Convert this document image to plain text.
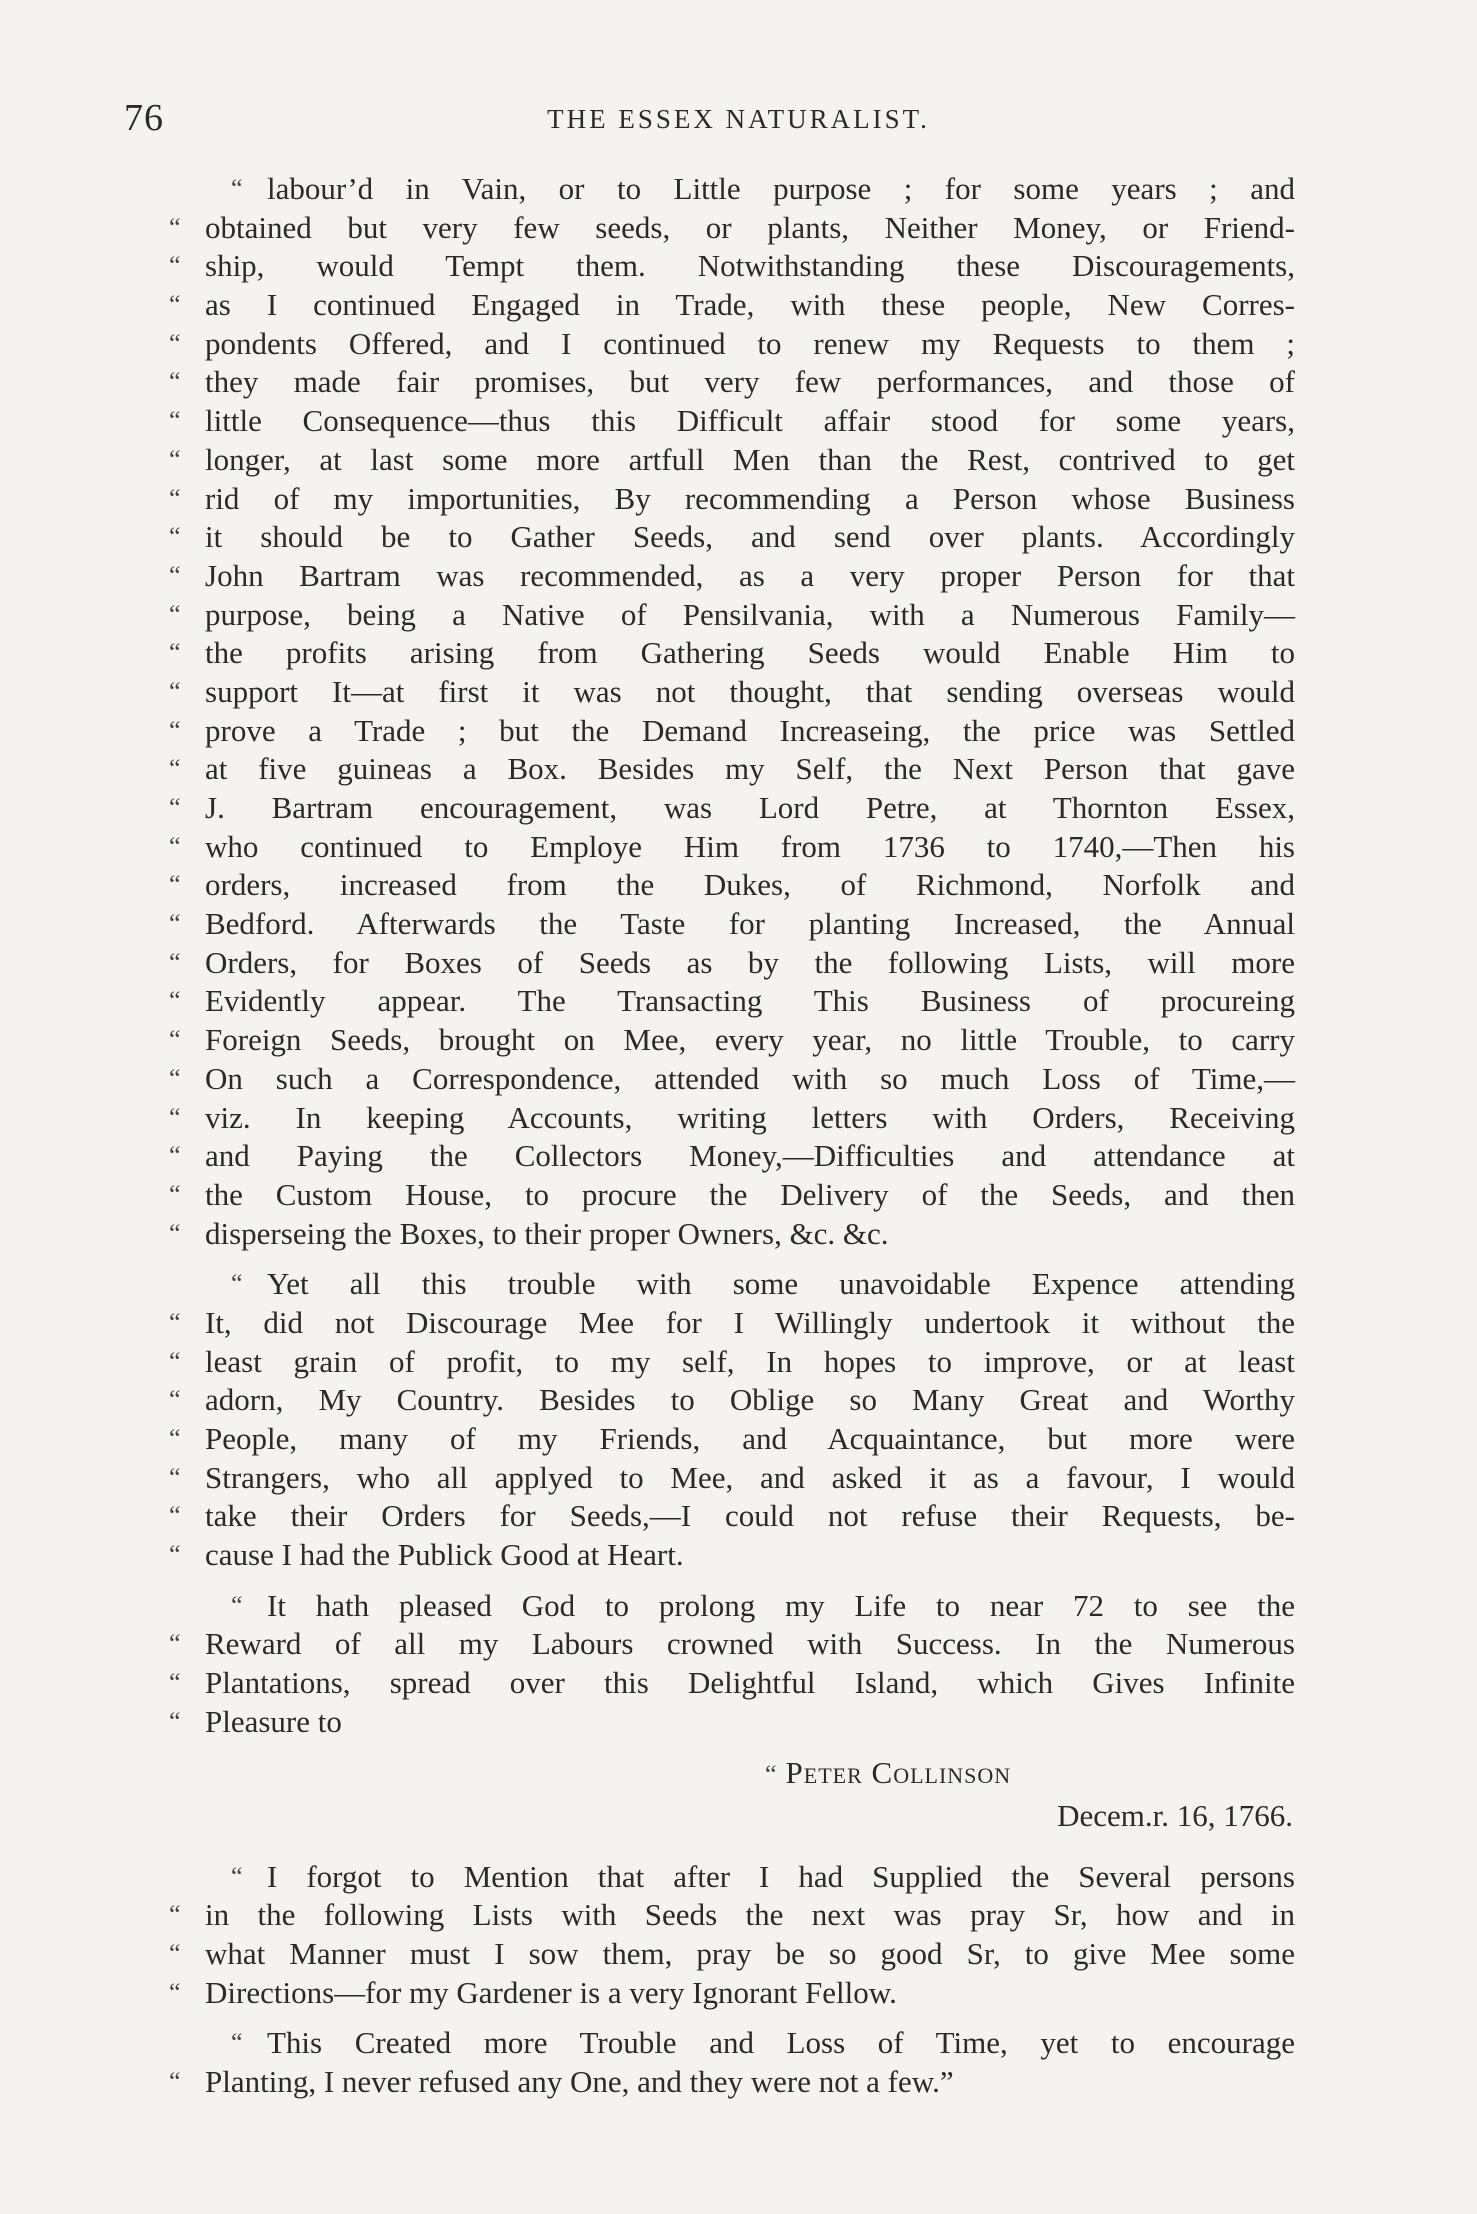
76	THE ESSEX NATURALIST.
“ labour’d in Vain, or to Little purpose ; for some years ; and
“ obtained but very few seeds, or plants, Neither Money, or Friend-
“ ship, would Tempt them. Notwithstanding these Discouragements,
“ as I continued Engaged in Trade, with these people, New Corres-
“ pondents Offered, and I continued to renew my Requests to them ;
“ they made fair promises, but very few performances, and those of
“ little Consequence—thus this Difficult affair stood for some years,
“ longer, at last some more artfull Men than the Rest, contrived to get
“ rid of my importunities, By recommending a Person whose Business
“ it should be to Gather Seeds, and send over plants. Accordingly
“ John Bartram was recommended, as a very proper Person for that
“ purpose, being a Native of Pensilvania, with a Numerous Family—
“ the profits arising from Gathering Seeds would Enable Him to
“ support It—at first it was not thought, that sending overseas would
“ prove a Trade ; but the Demand Increaseing, the price was Settled
“ at five guineas a Box. Besides my Self, the Next Person that gave
“ J. Bartram encouragement, was Lord Petre, at Thornton Essex,
“ who continued to Employe Him from 1736 to 1740,—Then his
“ orders, increased from the Dukes, of Richmond, Norfolk and
“ Bedford. Afterwards the Taste for planting Increased, the Annual
“ Orders, for Boxes of Seeds as by the following Lists, will more
“ Evidently appear. The Transacting This Business of procureing
“ Foreign Seeds, brought on Mee, every year, no little Trouble, to carry
“ On such a Correspondence, attended with so much Loss of Time,—
“ viz. In keeping Accounts, writing letters with Orders, Receiving
“ and Paying the Collectors Money,—Difficulties and attendance at
“ the Custom House, to procure the Delivery of the Seeds, and then
“ disperseing the Boxes, to their proper Owners, &c. &c.
“ Yet all this trouble with some unavoidable Expence attending
“ It, did not Discourage Mee for I Willingly undertook it without the
“ least grain of profit, to my self, In hopes to improve, or at least
“ adorn, My Country. Besides to Oblige so Many Great and Worthy
“ People, many of my Friends, and Acquaintance, but more were
“ Strangers, who all applyed to Mee, and asked it as a favour, I would
“ take their Orders for Seeds,—I could not refuse their Requests, be-
“ cause I had the Publick Good at Heart.
“ It hath pleased God to prolong my Life to near 72 to see the
“ Reward of all my Labours crowned with Success. In the Numerous
“ Plantations, spread over this Delightful Island, which Gives Infinite
“ Pleasure to
“ Peter Collinson
Decem.r. 16, 1766.
“ I forgot to Mention that after I had Supplied the Several persons
“ in the following Lists with Seeds the next was pray Sr, how and in
“ what Manner must I sow them, pray be so good Sr, to give Mee some
“ Directions—for my Gardener is a very Ignorant Fellow.
“ This Created more Trouble and Loss of Time, yet to encourage
“ Planting, I never refused any One, and they were not a few.”
